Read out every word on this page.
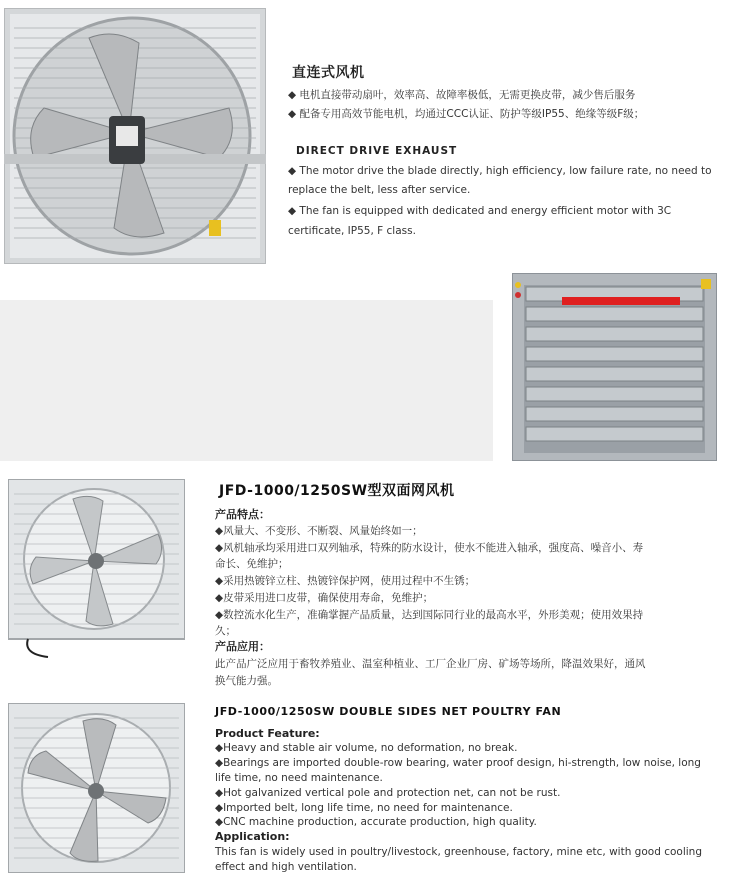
直连式风机
◆ 电机直接带动扇叶，效率高、故障率极低，无需更换皮带，减少售后服务
◆ 配备专用高效节能电机，均通过CCC认证、防护等级IP55、绝缘等级F级；
DIRECT DRIVE EXHAUST
◆ The motor drive the blade directly, high efficiency, low failure rate, no need to
replace the belt, less after service.
◆ The fan is equipped with dedicated and energy efficient motor with 3C
certificate, IP55, F class.
JFD-1000/1250SW型双面网风机
产品特点：
◆风量大、不变形、不断裂、风量始终如一；
◆风机轴承均采用进口双列轴承，特殊的防水设计，使水不能进入轴承，强度高、噪音小、寿
命长、免维护；
◆采用热镀锌立柱、热镀锌保护网，使用过程中不生锈；
◆皮带采用进口皮带，确保使用寿命，免维护；
◆数控流水化生产，准确掌握产品质量，达到国际同行业的最高水平，外形美观；使用效果持
久；
产品应用：
此产品广泛应用于畜牧养殖业、温室种植业、工厂企业厂房、矿场等场所，降温效果好，通风
换气能力强。
JFD-1000/1250SW DOUBLE SIDES NET POULTRY FAN
Product Feature:
◆Heavy and stable air volume, no deformation, no break.
◆Bearings are imported double-row bearing, water proof design, hi-strength, low noise, long
life time, no need maintenance.
◆Hot galvanized vertical pole and protection net, can not be rust.
◆Imported belt, long life time, no need for maintenance.
◆CNC machine production, accurate production, high quality.
Application:
This fan is widely used in poultry/livestock, greenhouse, factory, mine etc, with good cooling
effect and high ventilation.
